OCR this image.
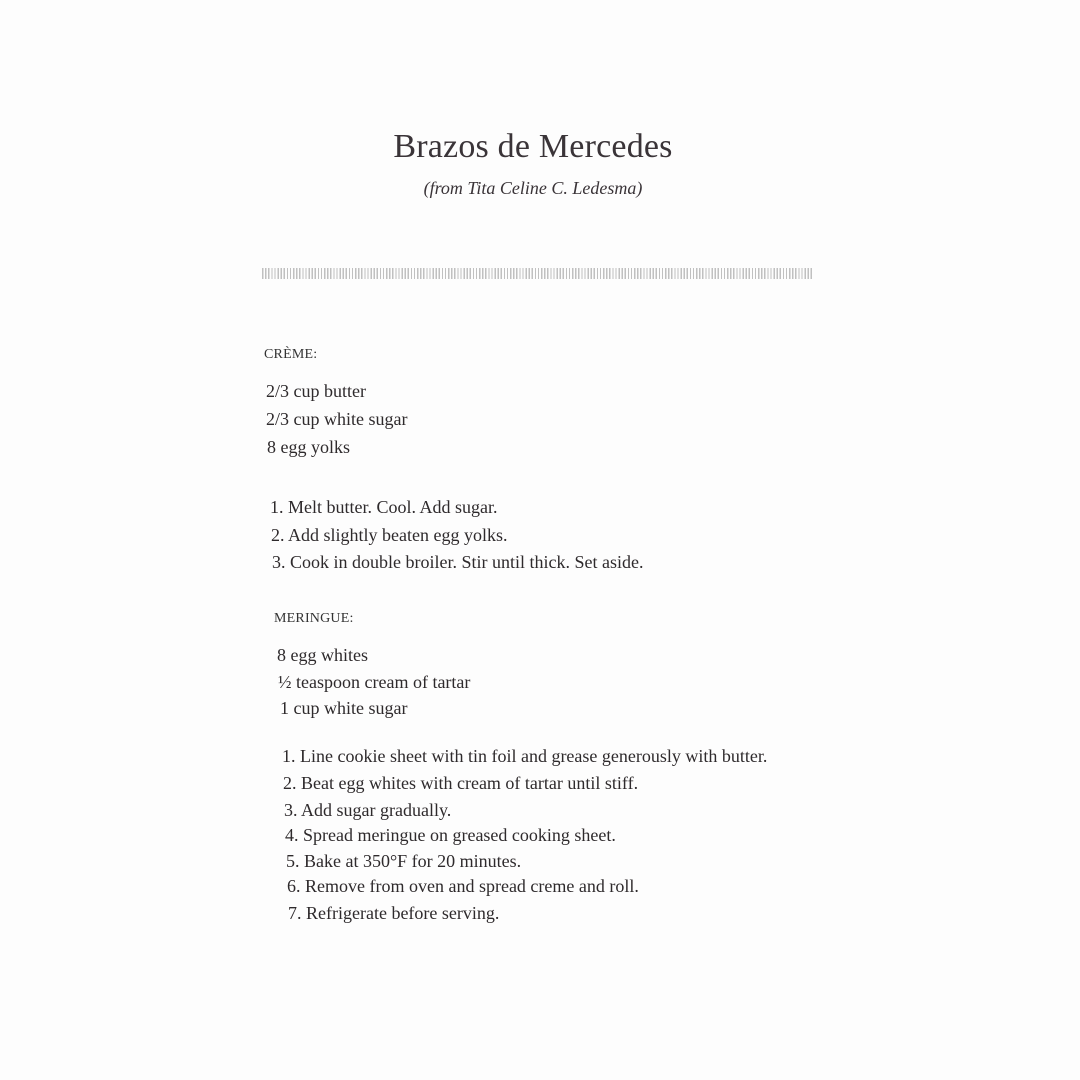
Brazos de Mercedes
(from Tita Celine C. Ledesma)
CRÈME:
2/3 cup butter
2/3 cup white sugar
8 egg yolks
1. Melt butter. Cool. Add sugar.
2. Add slightly beaten egg yolks.
3. Cook in double broiler. Stir until thick. Set aside.
MERINGUE:
8 egg whites
½ teaspoon cream of tartar
1 cup white sugar
1. Line cookie sheet with tin foil and grease generously with butter.
2. Beat egg whites with cream of tartar until stiff.
3. Add sugar gradually.
4. Spread meringue on greased cooking sheet.
5. Bake at 350°F for 20 minutes.
6. Remove from oven and spread creme and roll.
7. Refrigerate before serving.
